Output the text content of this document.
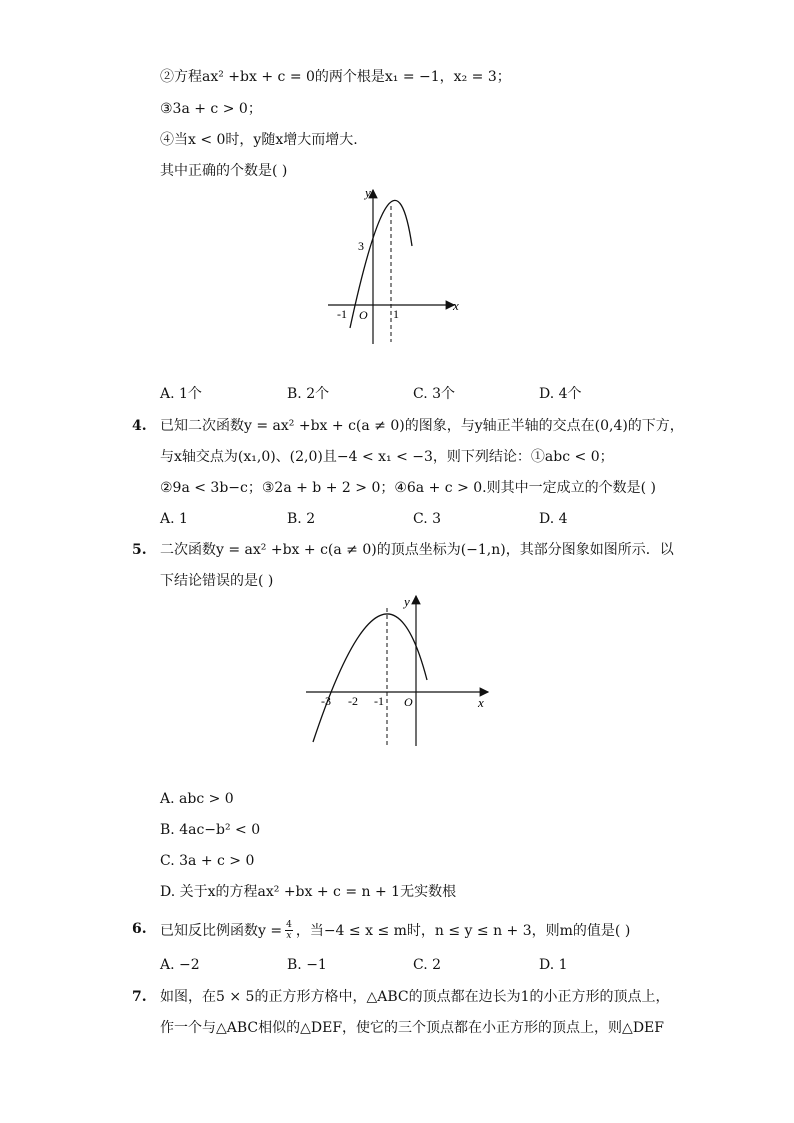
②方程ax² +bx + c = 0的两个根是x₁ = −1，x₂ = 3；
③3a + c > 0；
④当x < 0时，y随x增大而增大.
其中正确的个数是( )
y
x
3
-1 O 1
A. 1个	B. 2个	C. 3个	D. 4个
4. 已知二次函数y = ax² +bx + c(a ≠ 0)的图象，与y轴正半轴的交点在(0,4)的下方，
与x轴交点为(x₁,0)、(2,0)且−4 < x₁ < −3，则下列结论：①abc < 0；
②9a < 3b−c；③2a + b + 2 > 0；④6a + c > 0.则其中一定成立的个数是( )
A. 1	B. 2	C. 3	D. 4
5. 二次函数y = ax² +bx + c(a ≠ 0)的顶点坐标为(−1,n)，其部分图象如图所示．以
下结论错误的是( )
y
x
-3 -2 -1 O
A. abc > 0
B. 4ac−b² < 0
C. 3a + c > 0
D. 关于x的方程ax² +bx + c = n + 1无实数根
6. 已知反比例函数$y = \frac{4}{x}$ ，当−4 ≤ x ≤ m时，n ≤ y ≤ n + 3，则m的值是( )
A. −2	B. −1	C. 2	D. 1
7. 如图，在5 × 5的正方形方格中，△ABC的顶点都在边长为1的小正方形的顶点上，
作一个与△ABC相似的△DEF，使它的三个顶点都在小正方形的顶点上，则△DEF
